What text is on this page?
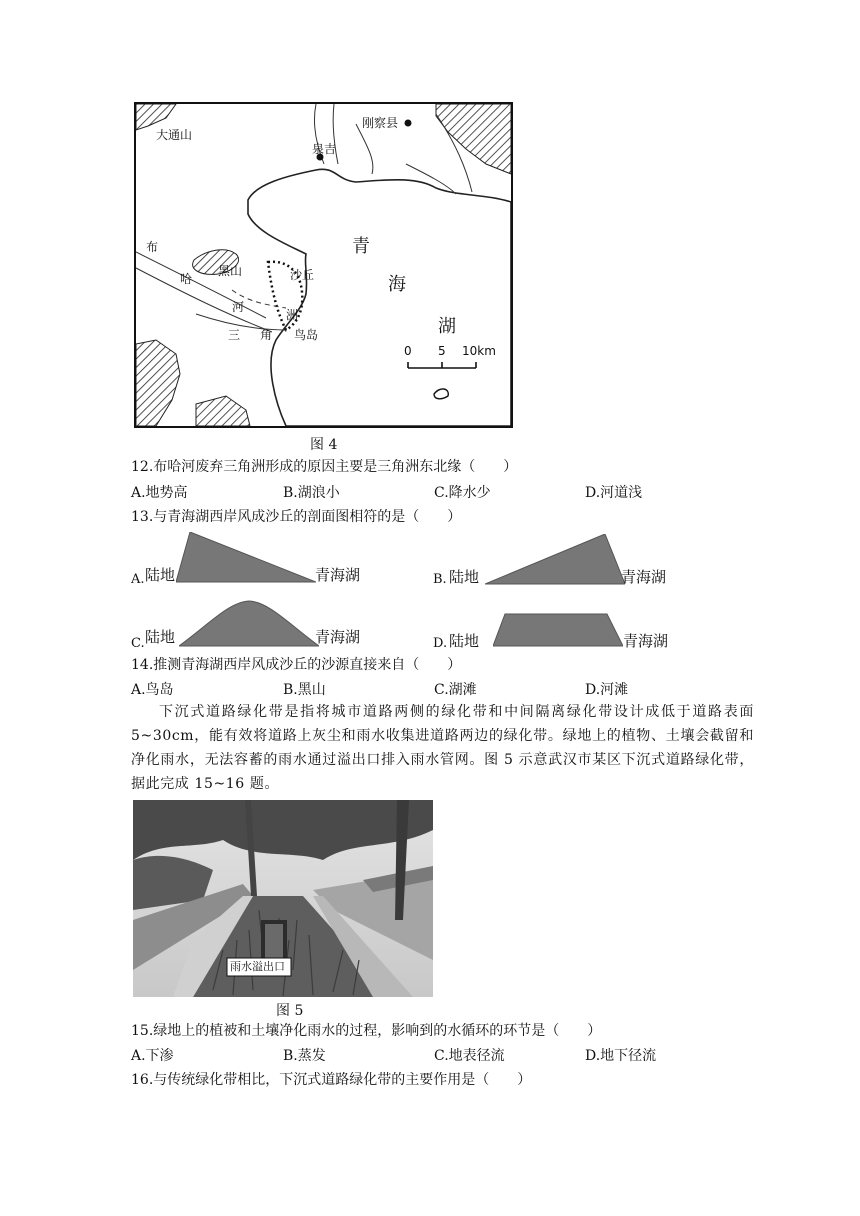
大通山
刚察县
泉吉
青
海
湖
布
哈
河
三 角
洲
黑山	沙丘
鸟岛
0 5 10km
图 4
12.布哈河废弃三角洲形成的原因主要是三角洲东北缘（　　）
A.地势高	B.湖浪小	C.降水少	D.河道浅
13.与青海湖西岸风成沙丘的剖面图相符的是（　　）
A. 陆地	青海湖	B. 陆地	青海湖
C. 陆地	青海湖	D. 陆地	青海湖
14.推测青海湖西岸风成沙丘的沙源直接来自（　　）
A.鸟岛	B.黑山	C.湖滩	D.河滩
下沉式道路绿化带是指将城市道路两侧的绿化带和中间隔离绿化带设计成低于道路表面 5~30cm，能有效将道路上灰尘和雨水收集进道路两边的绿化带。绿地上的植物、土壤会截留和净化雨水，无法容蓄的雨水通过溢出口排入雨水管网。图 5 示意武汉市某区下沉式道路绿化带，据此完成 15~16 题。
雨水溢出口
图 5
15.绿地上的植被和土壤净化雨水的过程，影响到的水循环的环节是（　　）
A.下渗	B.蒸发	C.地表径流	D.地下径流
16.与传统绿化带相比，下沉式道路绿化带的主要作用是（　　）
